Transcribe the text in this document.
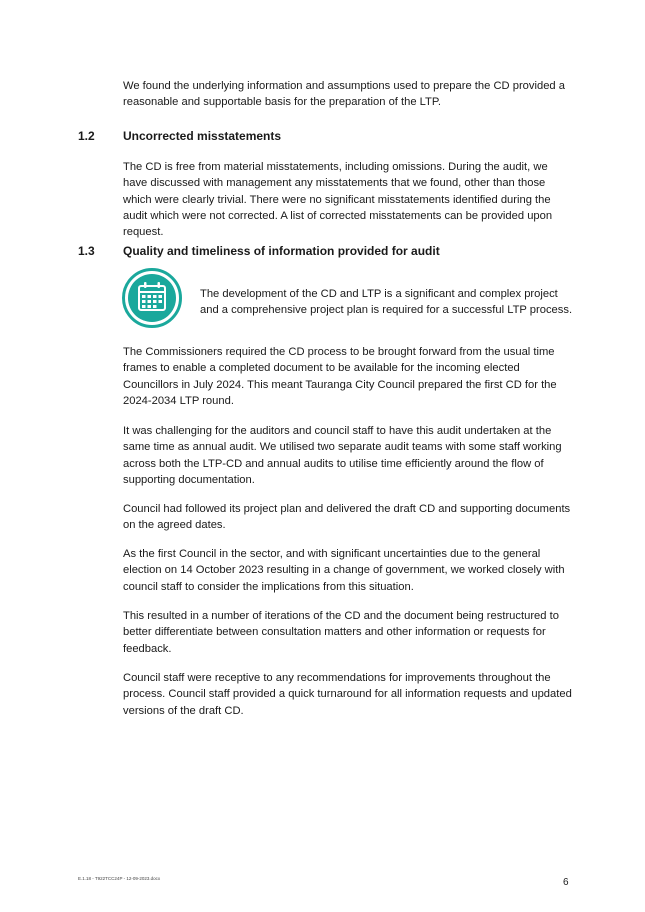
We found the underlying information and assumptions used to prepare the CD provided a reasonable and supportable basis for the preparation of the LTP.

1.2 Uncorrected misstatements

The CD is free from material misstatements, including omissions. During the audit, we have discussed with management any misstatements that we found, other than those which were clearly trivial. There were no significant misstatements identified during the audit which were not corrected. A list of corrected misstatements can be provided upon request.

1.3 Quality and timeliness of information provided for audit

The development of the CD and LTP is a significant and complex project and a comprehensive project plan is required for a successful LTP process.

The Commissioners required the CD process to be brought forward from the usual time frames to enable a completed document to be available for the incoming elected Councillors in July 2024. This meant Tauranga City Council prepared the first CD for the 2024-2034 LTP round.

It was challenging for the auditors and council staff to have this audit undertaken at the same time as annual audit. We utilised two separate audit teams with some staff working across both the LTP-CD and annual audits to utilise time efficiently around the flow of supporting documentation.

Council had followed its project plan and delivered the draft CD and supporting documents on the agreed dates.

As the first Council in the sector, and with significant uncertainties due to the general election on 14 October 2023 resulting in a change of government, we worked closely with council staff to consider the implications from this situation.

This resulted in a number of iterations of the CD and the document being restructured to better differentiate between consultation matters and other information or requests for feedback.

Council staff were receptive to any recommendations for improvements throughout the process. Council staff provided a quick turnaround for all information requests and updated versions of the draft CD.

E.1.18 - T922TCC24P - 12-09-2023.docx	6
